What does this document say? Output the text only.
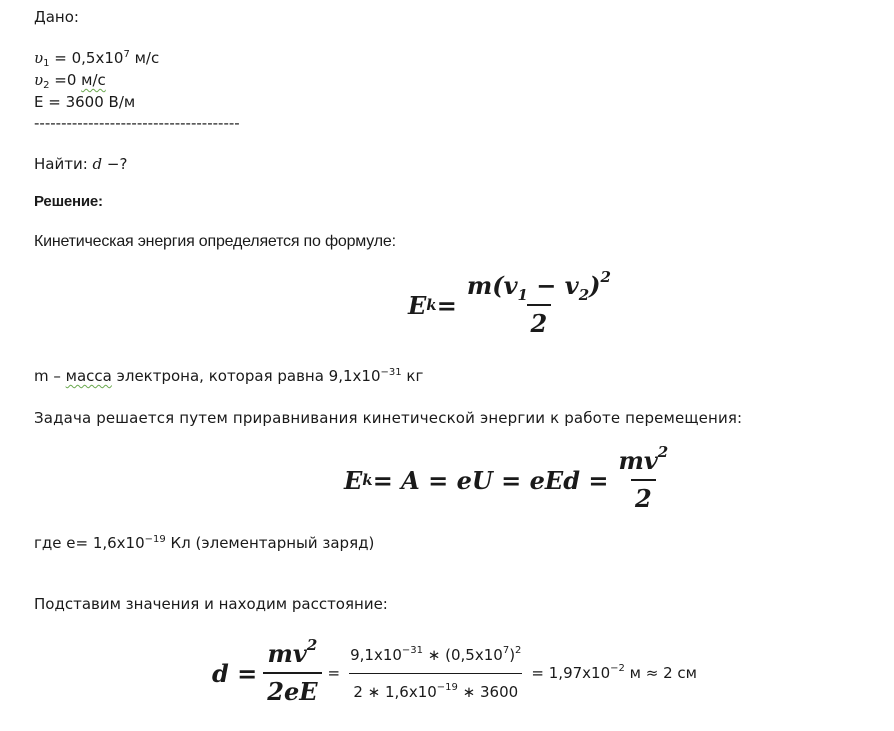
Дано:
$\upsilon_1 = 0,5x10^7$ м/с
$\upsilon_2 =0$ м/с
E = 3600 В/м
--------------------------------------
Найти: d −?
Решение:
Кинетическая энергия определяется по формуле:
E $k = \frac{m(v_1 - v_2)^2}{2}$
m – масса электрона, которая равна $9,1x10^{-31}$ кг
Задача решается путем приравнивания кинетической энергии к работе перемещения:
E k = A = eU = eEd = $\frac{mv^2}{2}$
где $e= 1,6x10^{-19}$ Кл (элементарный заряд)
Подставим значения и находим расстояние:
$d = \frac{mv^2}{2eE} = \frac{9,1x10^{-31} ∗ (0,5x10^7)^2}{2 ∗ 1,6x10^{-19} ∗ 3600} = 1,97x10^{-2}$ м ≈ 2 см
